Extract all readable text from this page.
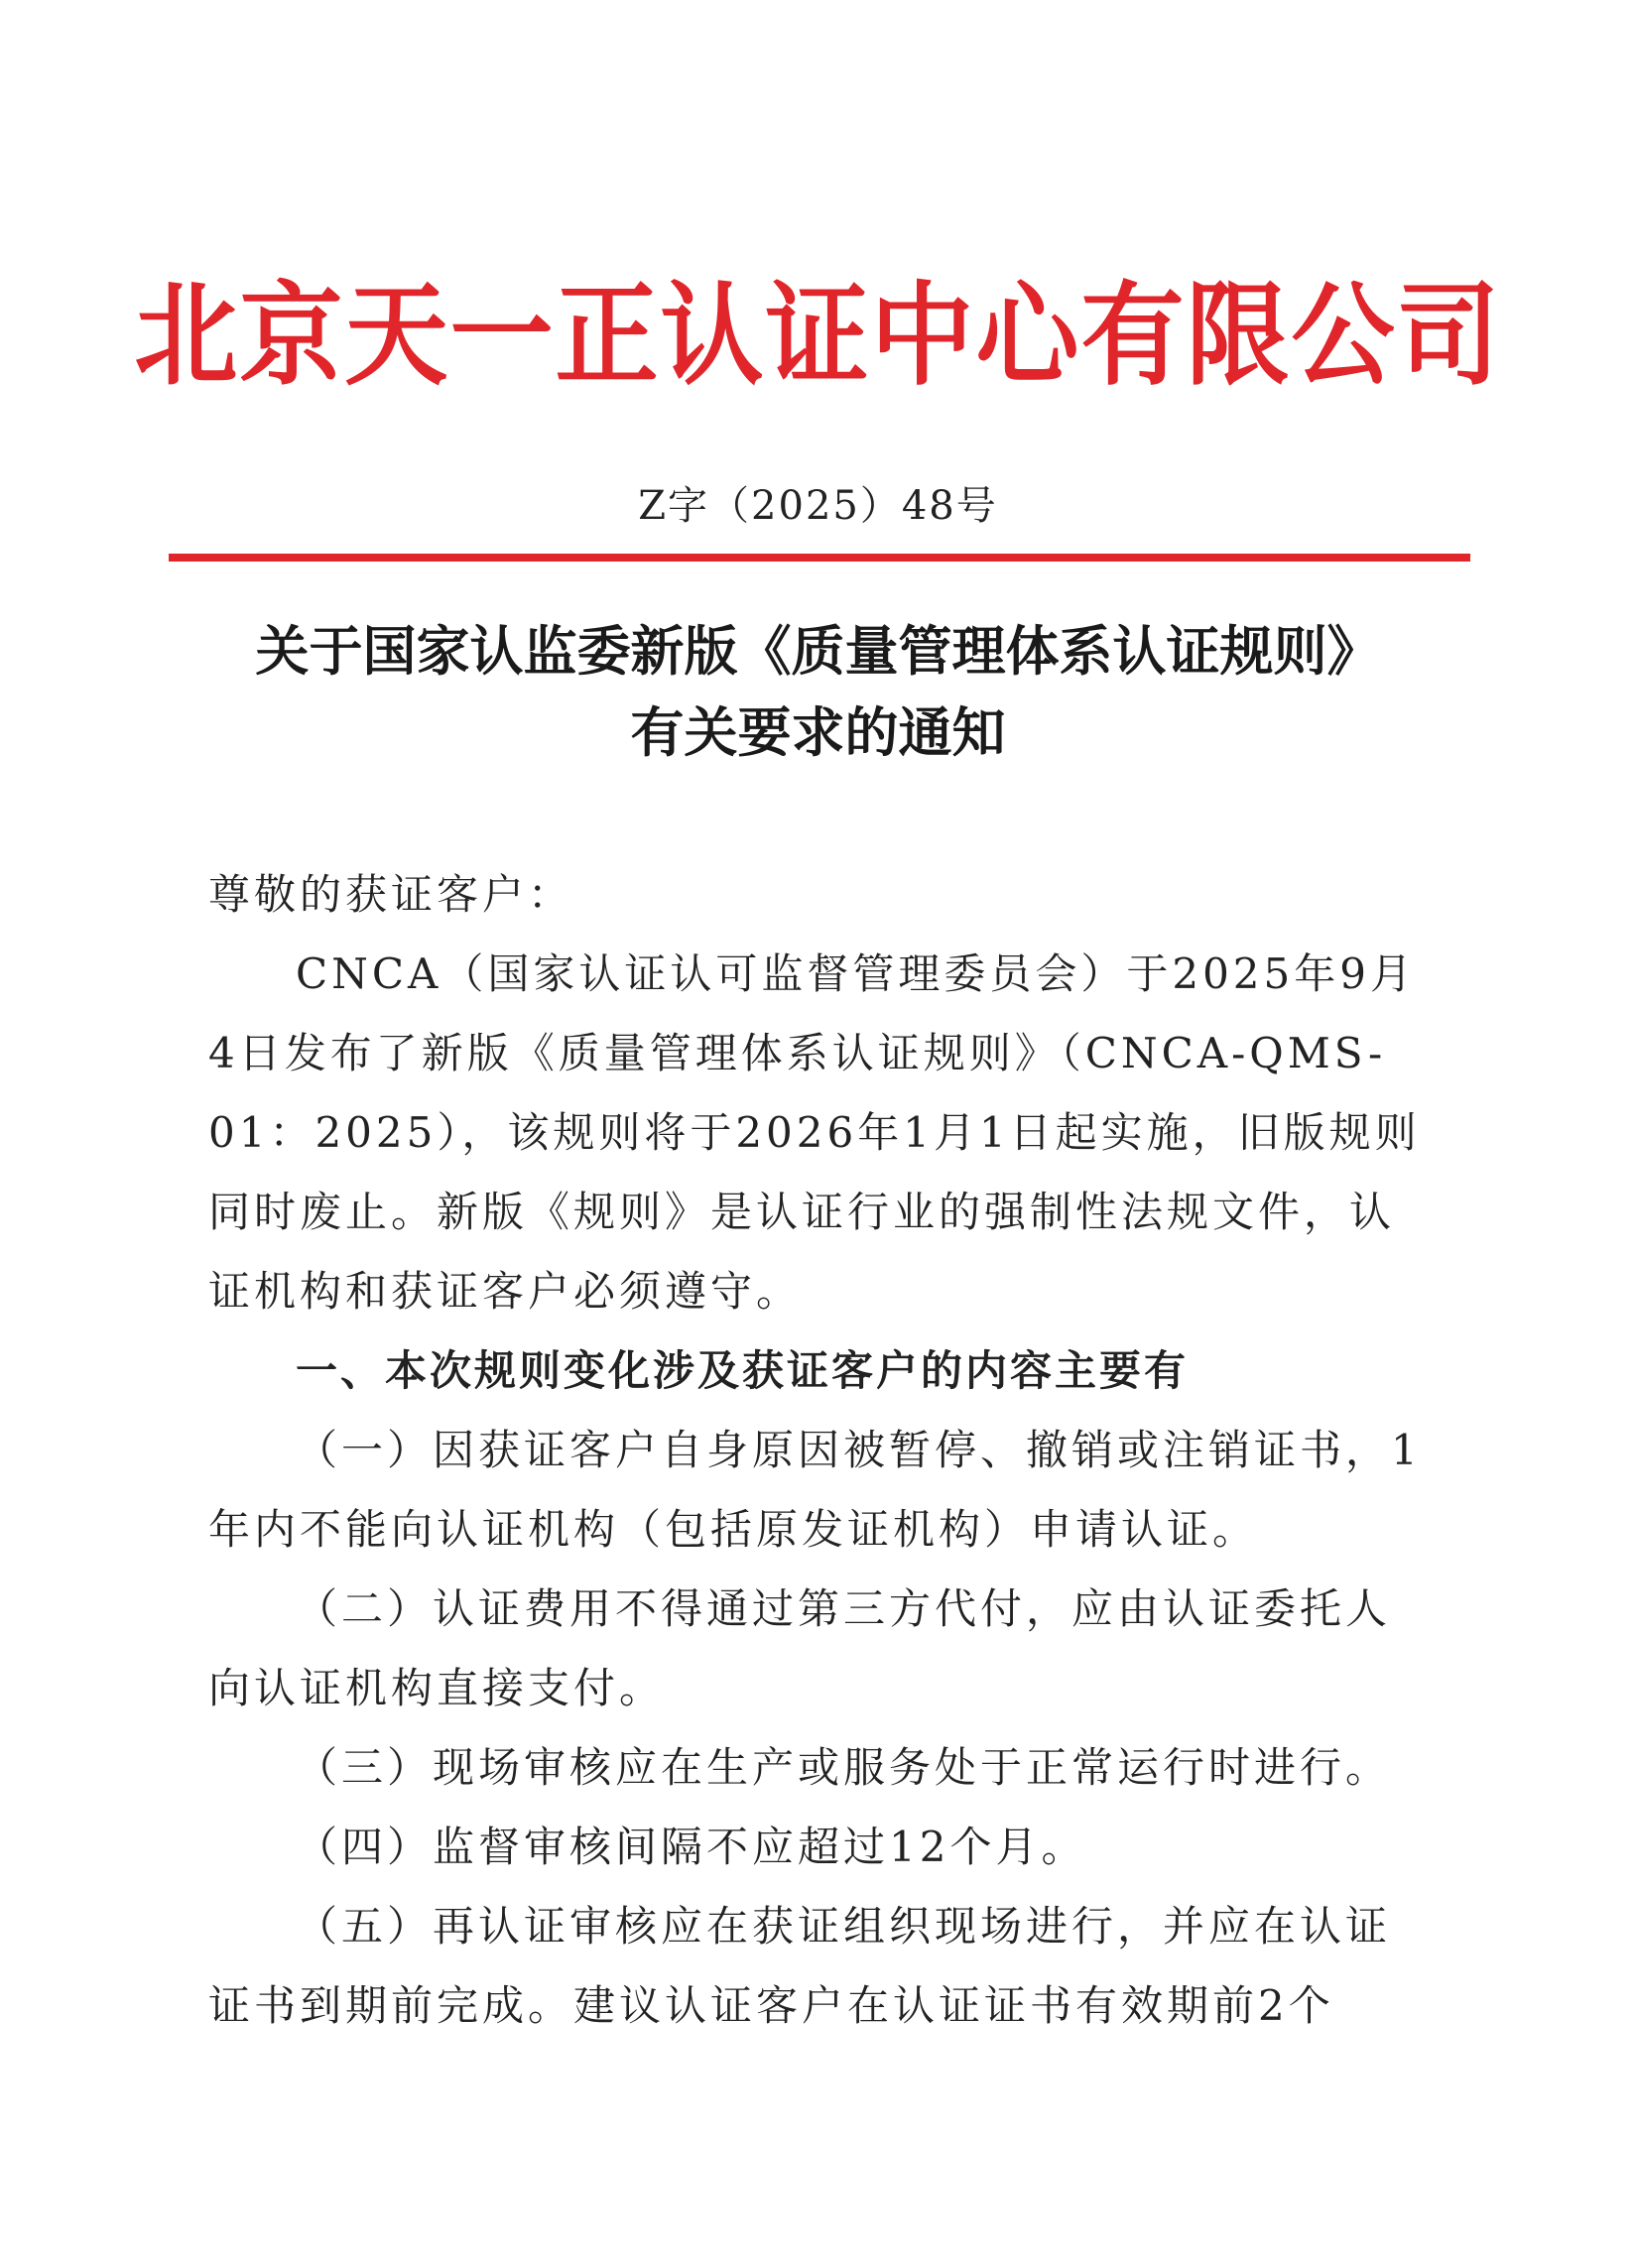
北京天一正认证中心有限公司
Z字（2025）48号
关于国家认监委新版《质量管理体系认证规则》
有关要求的通知

尊敬的获证客户：

CNCA（国家认证认可监督管理委员会）于2025年9月4日发布了新版《质量管理体系认证规则》（CNCA-QMS-01：2025），该规则将于2026年1月1日起实施，旧版规则同时废止。新版《规则》是认证行业的强制性法规文件，认证机构和获证客户必须遵守。

一、本次规则变化涉及获证客户的内容主要有

（一）因获证客户自身原因被暂停、撤销或注销证书，1年内不能向认证机构（包括原发证机构）申请认证。

（二）认证费用不得通过第三方代付，应由认证委托人向认证机构直接支付。

（三）现场审核应在生产或服务处于正常运行时进行。

（四）监督审核间隔不应超过12个月。

（五）再认证审核应在获证组织现场进行，并应在认证证书到期前完成。建议认证客户在认证证书有效期前2个
